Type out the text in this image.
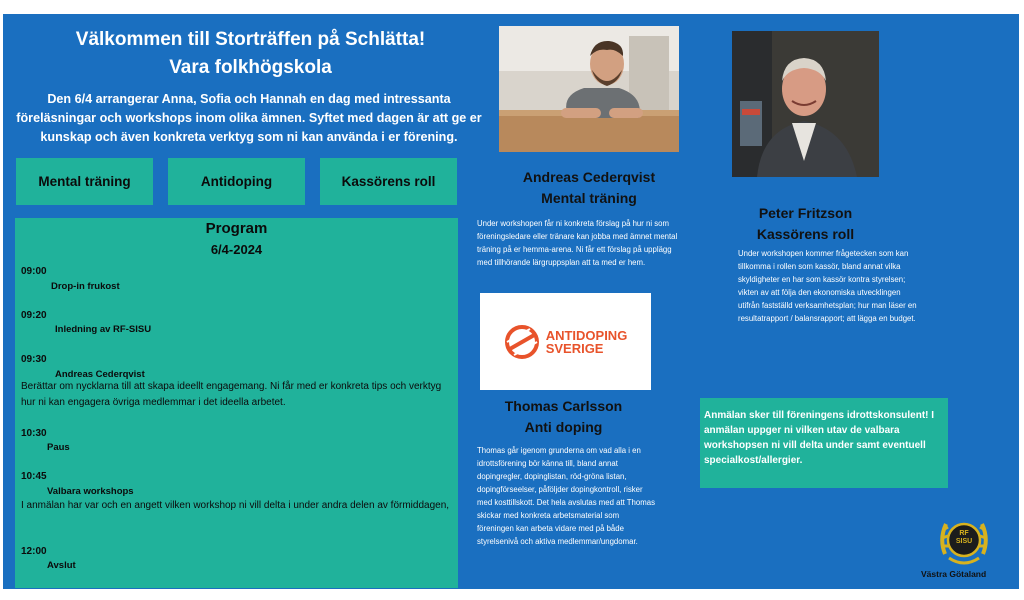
Välkommen till Storträffen på Schlätta!
Vara folkhögskola
Den 6/4 arrangerar Anna, Sofia och Hannah en dag med intressanta föreläsningar och workshops inom olika ämnen. Syftet med dagen är att ge er kunskap och även konkreta verktyg som ni kan använda i er förening.
Mental träning	Antidoping	Kassörens roll
Program
6/4-2024
09:00
Drop-in frukost
09:20
Inledning av RF-SISU
09:30
Andreas Cederqvist
Berättar om nycklarna till att skapa ideellt engagemang. Ni får med er konkreta tips och verktyg hur ni kan engagera övriga medlemmar i det ideella arbetet.
10:30
Paus
10:45
Valbara workshops
I anmälan har var och en angett vilken workshop ni vill delta i under andra delen av förmiddagen,
12:00
Avslut
Andreas Cederqvist
Mental träning
Under workshopen får ni konkreta förslag på hur ni som föreningsledare eller tränare kan jobba med ämnet mental träning på er hemma-arena. Ni får ett förslag på upplägg med tillhörande lärgruppsplan att ta med er hem.
Peter Fritzson
Kassörens roll
Under workshopen kommer frågetecken som kan tillkomma i rollen som kassör, bland annat vilka skyldigheter en har som kassör kontra styrelsen; vikten av att följa den ekonomiska utvecklingen utifrån fastställd verksamhetsplan; hur man läser en resultatrapport / balansrapport; att lägga en budget.
ANTIDOPING
SVERIGE
Thomas Carlsson
Anti doping
Thomas går igenom grunderna om vad alla i en idrottsförening bör känna till, bland annat dopingregler, dopinglistan, röd-gröna listan, dopingförseelser, påföljder dopingkontroll, risker med kosttillskott. Det hela avslutas med att Thomas skickar med konkreta arbetsmaterial som föreningen kan arbeta vidare med på både styrelsenivå och aktiva medlemmar/ungdomar.
Anmälan sker till föreningens idrottskonsulent! I anmälan uppger ni vilken utav de valbara workshopsen ni vill delta under samt eventuell specialkost/allergier.
RF SISU
Västra Götaland
